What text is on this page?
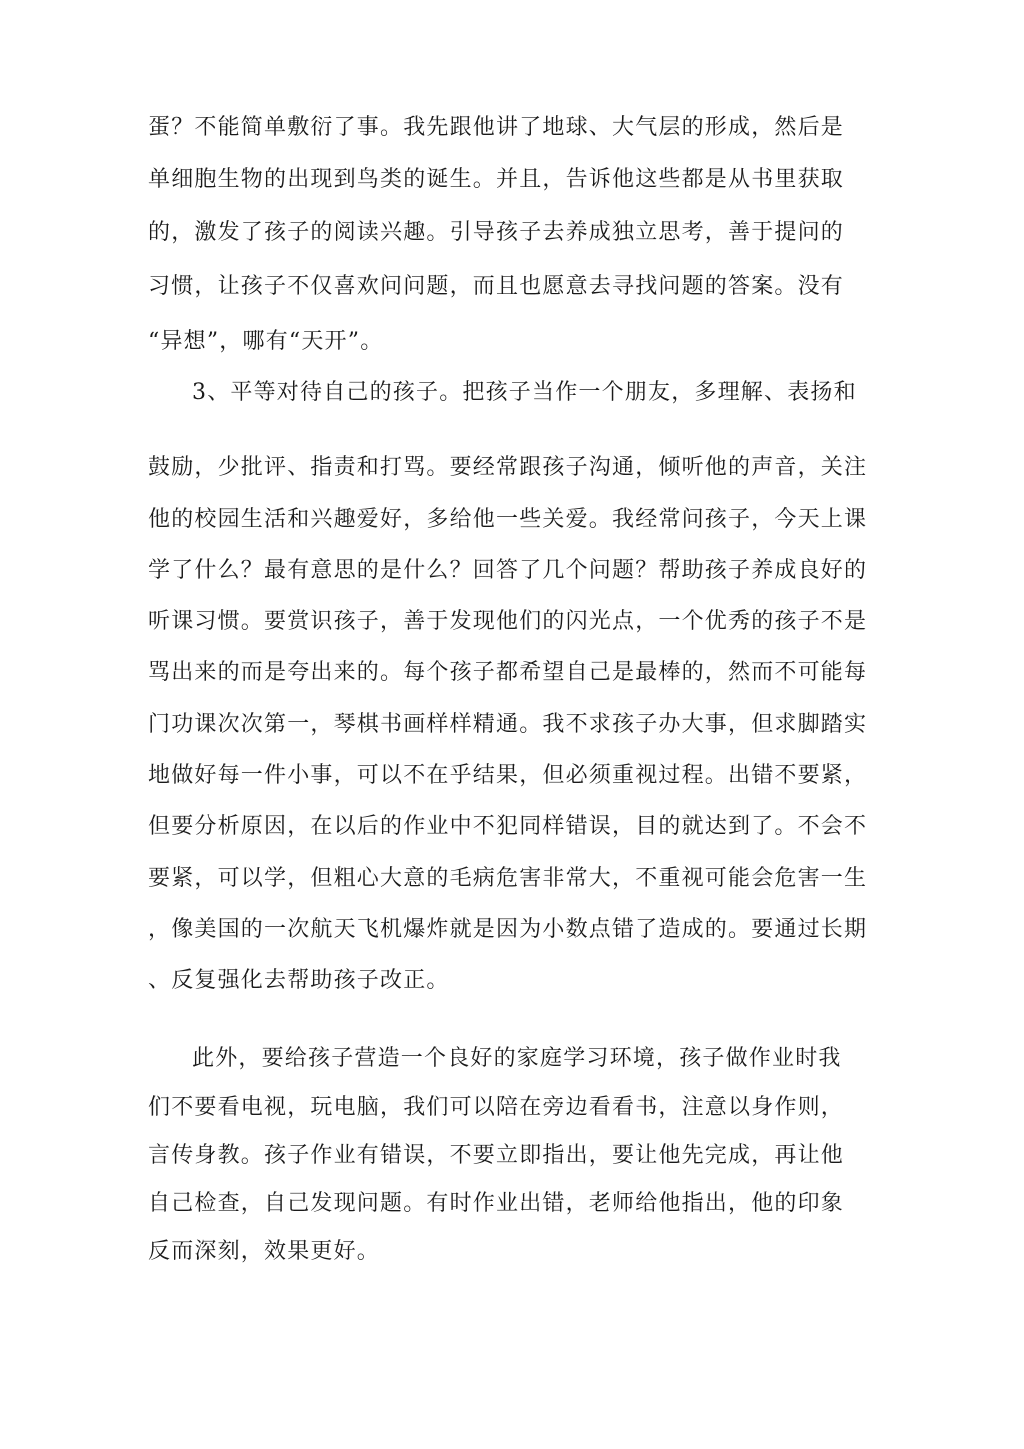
蛋？不能简单敷衍了事。我先跟他讲了地球、大气层的形成，然后是
单细胞生物的出现到鸟类的诞生。并且，告诉他这些都是从书里获取
的，激发了孩子的阅读兴趣。引导孩子去养成独立思考，善于提问的
习惯，让孩子不仅喜欢问问题，而且也愿意去寻找问题的答案。没有
“异想”，哪有“天开”。
3、平等对待自己的孩子。把孩子当作一个朋友，多理解、表扬和
鼓励，少批评、指责和打骂。要经常跟孩子沟通，倾听他的声音，关注
他的校园生活和兴趣爱好，多给他一些关爱。我经常问孩子，今天上课
学了什么？最有意思的是什么？回答了几个问题？帮助孩子养成良好的
听课习惯。要赏识孩子，善于发现他们的闪光点，一个优秀的孩子不是
骂出来的而是夸出来的。每个孩子都希望自己是最棒的，然而不可能每
门功课次次第一，琴棋书画样样精通。我不求孩子办大事，但求脚踏实
地做好每一件小事，可以不在乎结果，但必须重视过程。出错不要紧，
但要分析原因，在以后的作业中不犯同样错误，目的就达到了。不会不
要紧，可以学，但粗心大意的毛病危害非常大，不重视可能会危害一生
，像美国的一次航天飞机爆炸就是因为小数点错了造成的。要通过长期
、反复强化去帮助孩子改正。
此外，要给孩子营造一个良好的家庭学习环境，孩子做作业时我
们不要看电视，玩电脑，我们可以陪在旁边看看书，注意以身作则，
言传身教。孩子作业有错误，不要立即指出，要让他先完成，再让他
自己检查，自己发现问题。有时作业出错，老师给他指出，他的印象
反而深刻，效果更好。
